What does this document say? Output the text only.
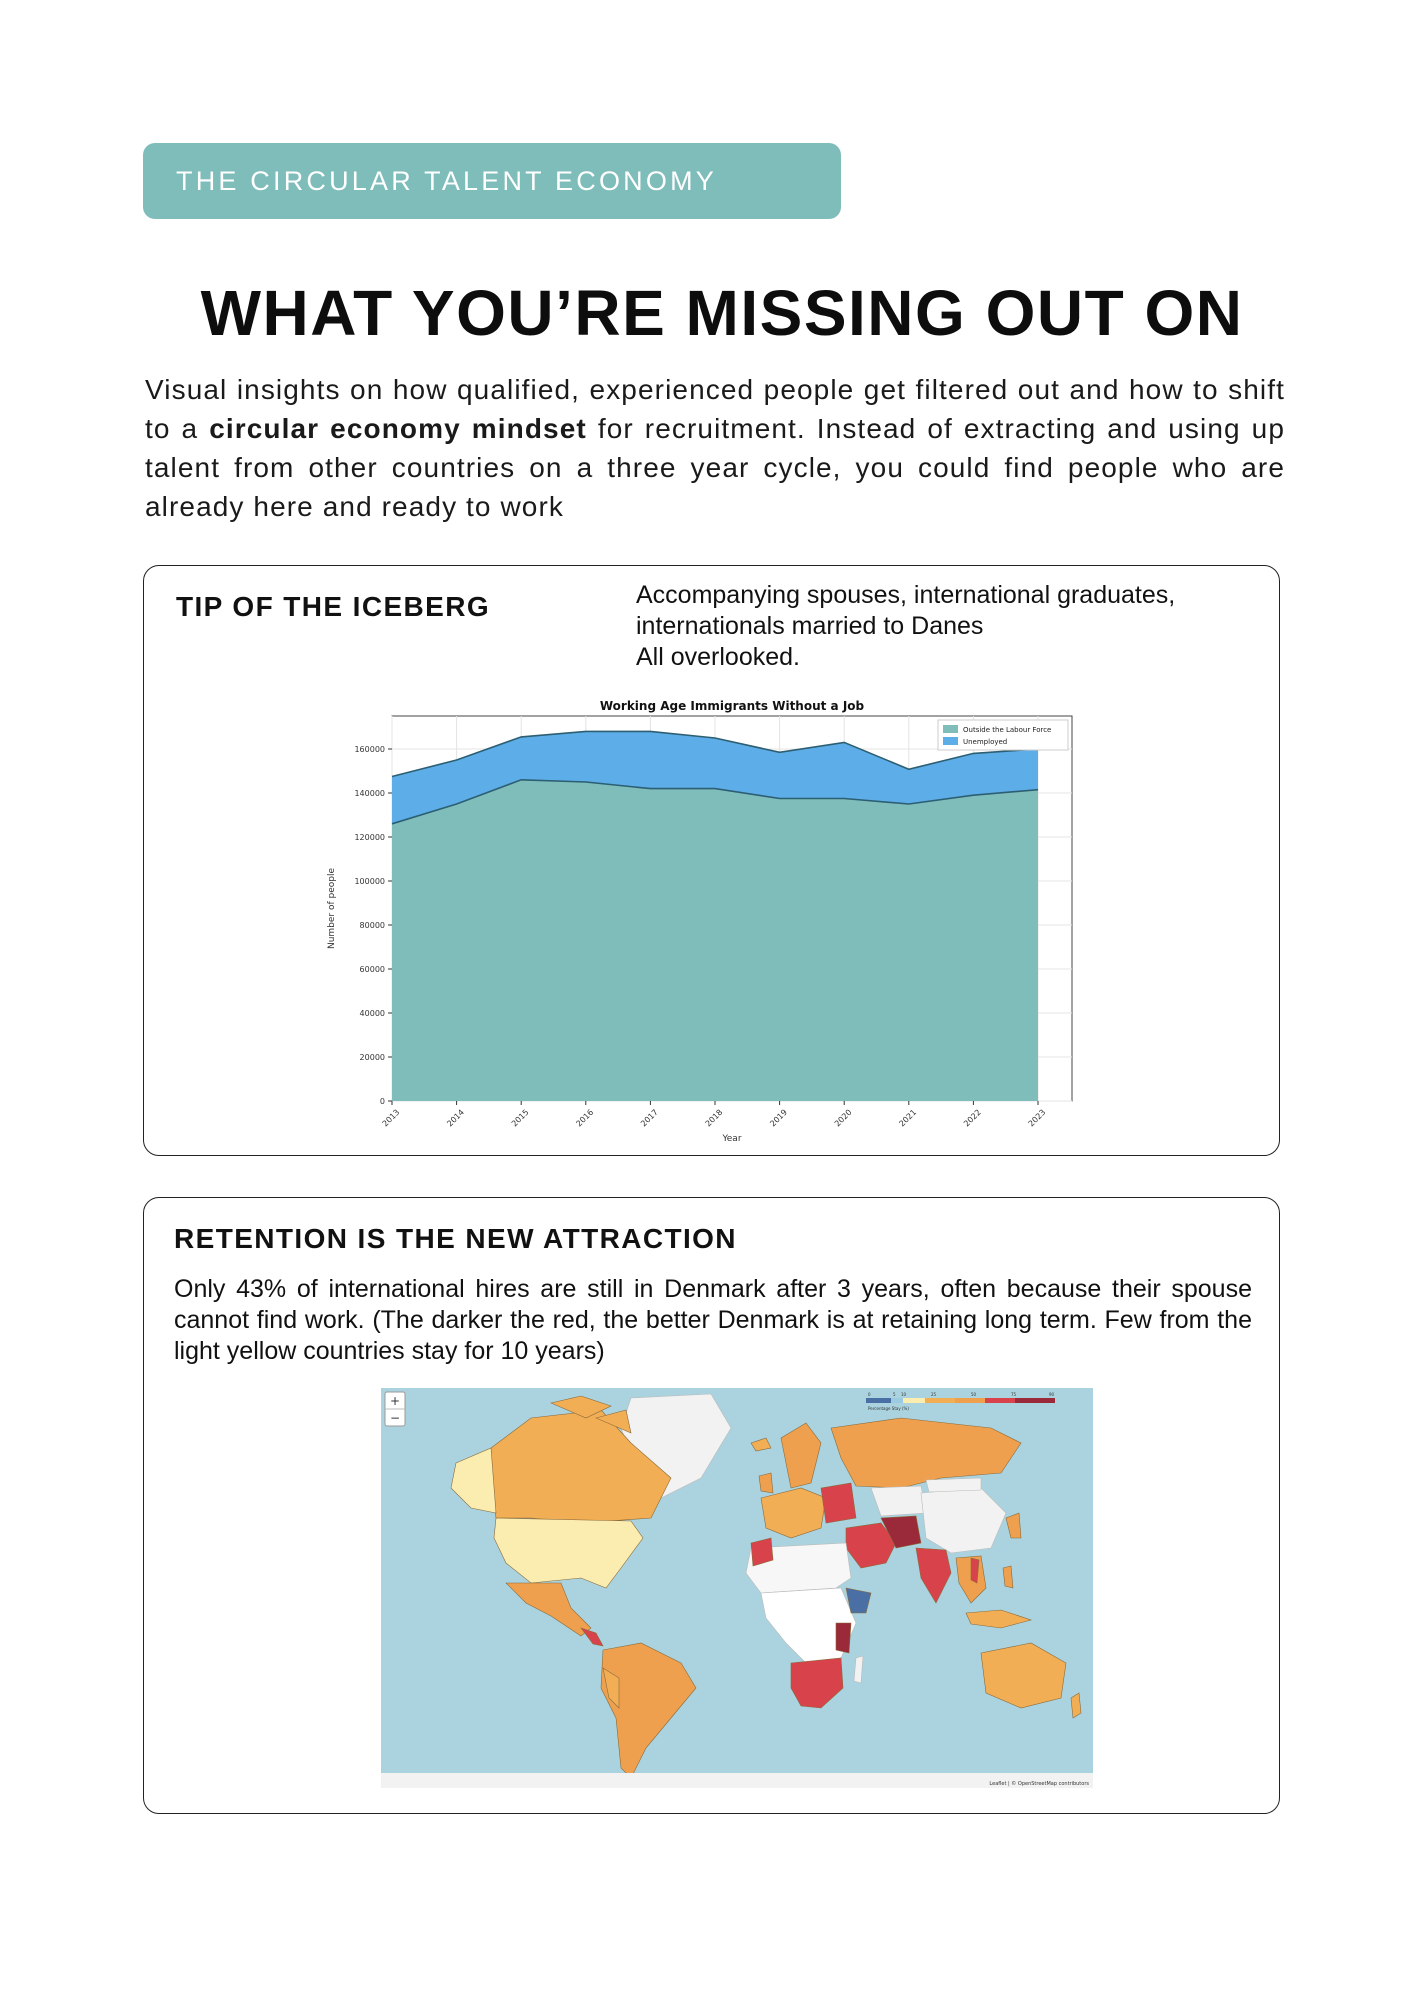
THE CIRCULAR TALENT ECONOMY
WHAT YOU’RE MISSING OUT ON
Visual insights on how qualified, experienced people get filtered out and how to shift to a circular economy mindset for recruitment. Instead of extracting and using up talent from other countries on a three year cycle, you could find people who are already here and ready to work
TIP OF THE ICEBERG	Accompanying spouses, international graduates,
internationals married to Danes
All overlooked.
0
20000
40000
60000
80000
100000
120000
140000
160000
2013	2014	2015	2016	2017	2018	2019	2020	2021	2022	2023
Working Age Immigrants Without a Job
Year
Number of people
Outside the Labour Force
Unemployed
RETENTION IS THE NEW ATTRACTION
Only 43% of international hires are still in Denmark after 3 years, often because their spouse cannot find work. (The darker the red, the better Denmark is at retaining long term. Few from the light yellow countries stay for 10 years)
+
−
0	5 10	25	50	75	90
Percentage Stay (%)
Leaflet | © OpenStreetMap contributors
